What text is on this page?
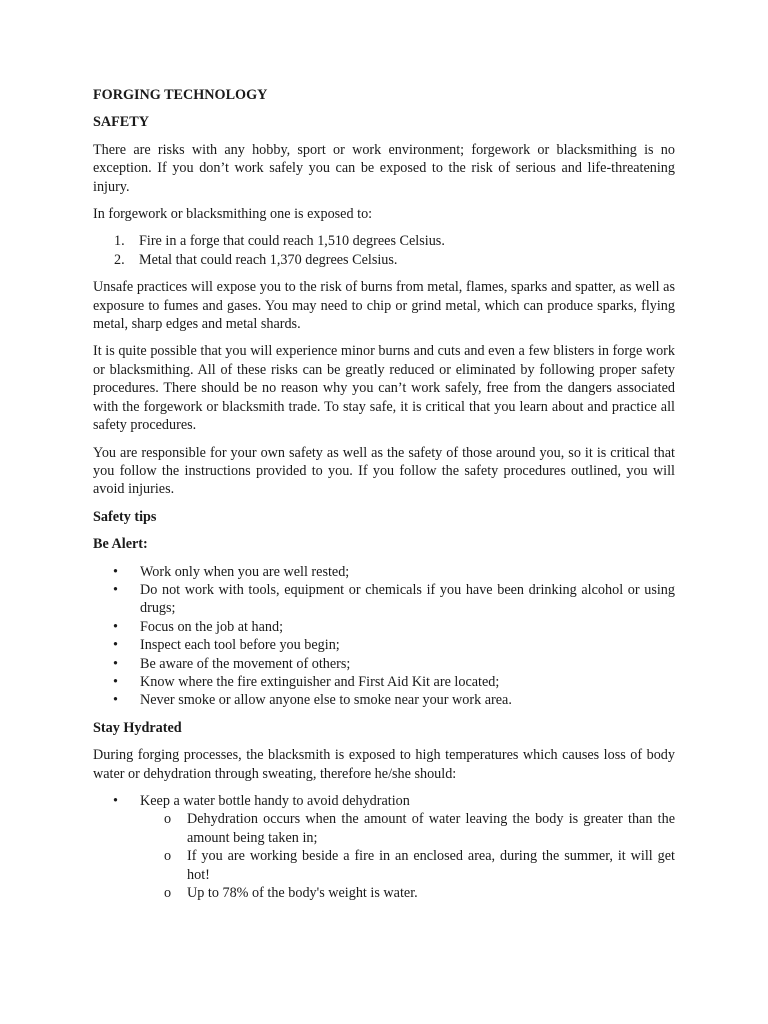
FORGING TECHNOLOGY
SAFETY

There are risks with any hobby, sport or work environment; forgework or blacksmithing is no exception. If you don’t work safely you can be exposed to the risk of serious and life-threatening injury.

In forgework or blacksmithing one is exposed to:

1. Fire in a forge that could reach 1,510 degrees Celsius.
2. Metal that could reach 1,370 degrees Celsius.

Unsafe practices will expose you to the risk of burns from metal, flames, sparks and spatter, as well as exposure to fumes and gases. You may need to chip or grind metal, which can produce sparks, flying metal, sharp edges and metal shards.

It is quite possible that you will experience minor burns and cuts and even a few blisters in forge work or blacksmithing. All of these risks can be greatly reduced or eliminated by following proper safety procedures. There should be no reason why you can’t work safely, free from the dangers associated with the forgework or blacksmith trade. To stay safe, it is critical that you learn about and practice all safety procedures.

You are responsible for your own safety as well as the safety of those around you, so it is critical that you follow the instructions provided to you. If you follow the safety procedures outlined, you will avoid injuries.

Safety tips
Be Alert:
• Work only when you are well rested;
• Do not work with tools, equipment or chemicals if you have been drinking alcohol or using drugs;
• Focus on the job at hand;
• Inspect each tool before you begin;
• Be aware of the movement of others;
• Know where the fire extinguisher and First Aid Kit are located;
• Never smoke or allow anyone else to smoke near your work area.
Stay Hydrated

During forging processes, the blacksmith is exposed to high temperatures which causes loss of body water or dehydration through sweating, therefore he/she should:

• Keep a water bottle handy to avoid dehydration
o Dehydration occurs when the amount of water leaving the body is greater than the amount being taken in;
o If you are working beside a fire in an enclosed area, during the summer, it will get hot!
o Up to 78% of the body's weight is water.
